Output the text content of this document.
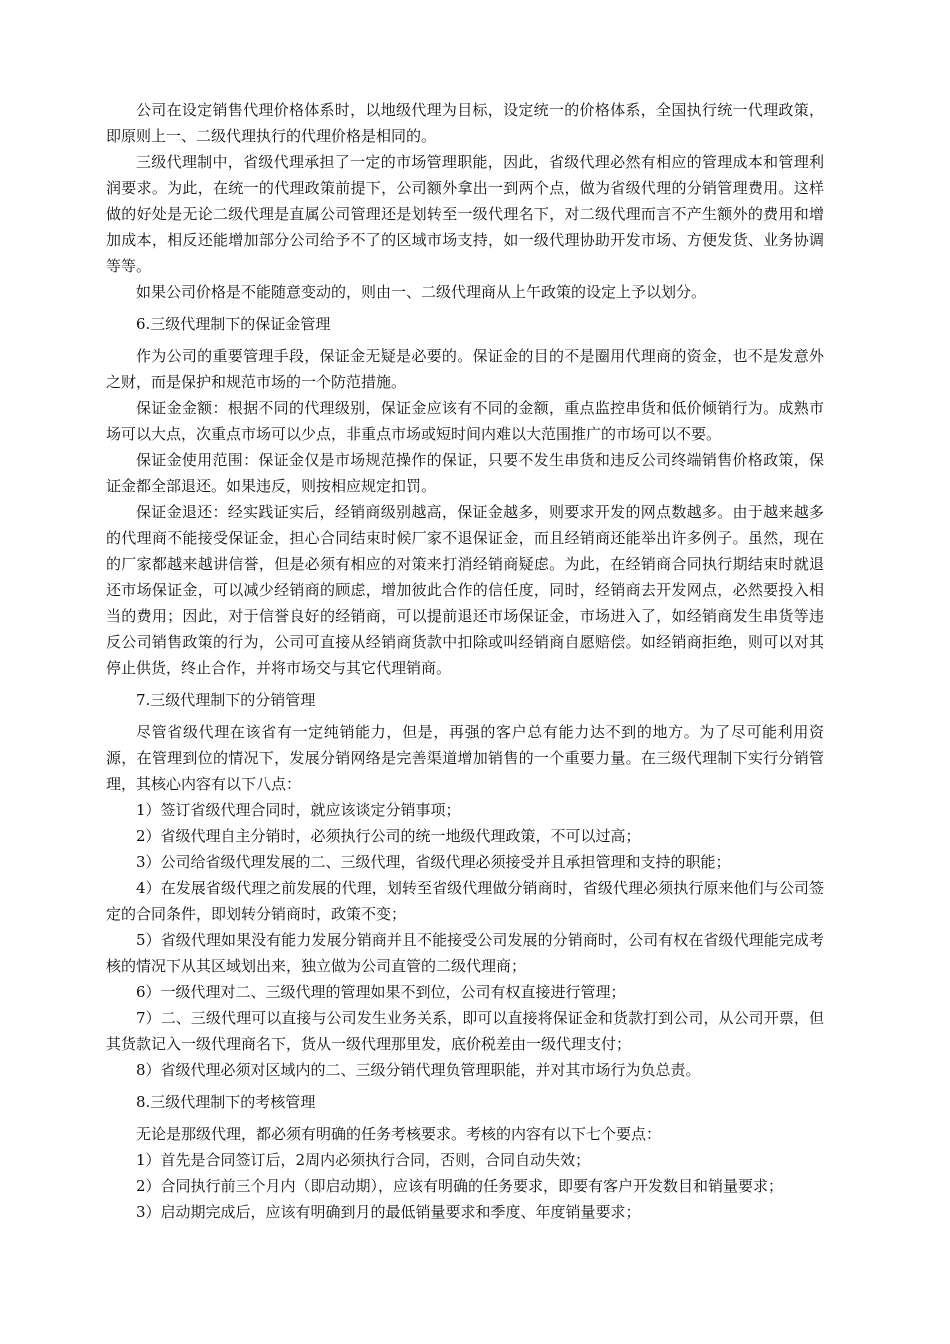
公司在设定销售代理价格体系时，以地级代理为目标，设定统一的价格体系，全国执行统一代理政策，即原则上一、二级代理执行的代理价格是相同的。

三级代理制中，省级代理承担了一定的市场管理职能，因此，省级代理必然有相应的管理成本和管理利润要求。为此，在统一的代理政策前提下，公司额外拿出一到两个点，做为省级代理的分销管理费用。这样做的好处是无论二级代理是直属公司管理还是划转至一级代理名下，对二级代理而言不产生额外的费用和增加成本，相反还能增加部分公司给予不了的区域市场支持，如一级代理协助开发市场、方便发货、业务协调等等。

如果公司价格是不能随意变动的，则由一、二级代理商从上午政策的设定上予以划分。

6.三级代理制下的保证金管理

作为公司的重要管理手段，保证金无疑是必要的。保证金的目的不是圈用代理商的资金，也不是发意外之财，而是保护和规范市场的一个防范措施。

保证金金额：根据不同的代理级别，保证金应该有不同的金额，重点监控串货和低价倾销行为。成熟市场可以大点，次重点市场可以少点，非重点市场或短时间内难以大范围推广的市场可以不要。

保证金使用范围：保证金仅是市场规范操作的保证，只要不发生串货和违反公司终端销售价格政策，保证金都全部退还。如果违反，则按相应规定扣罚。

保证金退还：经实践证实后，经销商级别越高，保证金越多，则要求开发的网点数越多。由于越来越多的代理商不能接受保证金，担心合同结束时候厂家不退保证金，而且经销商还能举出许多例子。虽然，现在的厂家都越来越讲信誉，但是必须有相应的对策来打消经销商疑虑。为此，在经销商合同执行期结束时就退还市场保证金，可以减少经销商的顾虑，增加彼此合作的信任度，同时，经销商去开发网点，必然要投入相当的费用；因此，对于信誉良好的经销商，可以提前退还市场保证金，市场进入了，如经销商发生串货等违反公司销售政策的行为，公司可直接从经销商货款中扣除或叫经销商自愿赔偿。如经销商拒绝，则可以对其停止供货，终止合作，并将市场交与其它代理销商。

7.三级代理制下的分销管理

尽管省级代理在该省有一定纯销能力，但是，再强的客户总有能力达不到的地方。为了尽可能利用资源，在管理到位的情况下，发展分销网络是完善渠道增加销售的一个重要力量。在三级代理制下实行分销管理，其核心内容有以下八点：

1）签订省级代理合同时，就应该谈定分销事项；

2）省级代理自主分销时，必须执行公司的统一地级代理政策，不可以过高；

3）公司给省级代理发展的二、三级代理，省级代理必须接受并且承担管理和支持的职能；

4）在发展省级代理之前发展的代理，划转至省级代理做分销商时，省级代理必须执行原来他们与公司签定的合同条件，即划转分销商时，政策不变；

5）省级代理如果没有能力发展分销商并且不能接受公司发展的分销商时，公司有权在省级代理能完成考核的情况下从其区域划出来，独立做为公司直管的二级代理商；

6）一级代理对二、三级代理的管理如果不到位，公司有权直接进行管理；

7）二、三级代理可以直接与公司发生业务关系，即可以直接将保证金和货款打到公司，从公司开票，但其货款记入一级代理商名下，货从一级代理那里发，底价税差由一级代理支付；

8）省级代理必须对区域内的二、三级分销代理负管理职能，并对其市场行为负总责。

8.三级代理制下的考核管理

无论是那级代理，都必须有明确的任务考核要求。考核的内容有以下七个要点：

1）首先是合同签订后，2周内必须执行合同，否则，合同自动失效；

2）合同执行前三个月内（即启动期），应该有明确的任务要求，即要有客户开发数目和销量要求；

3）启动期完成后，应该有明确到月的最低销量要求和季度、年度销量要求；
